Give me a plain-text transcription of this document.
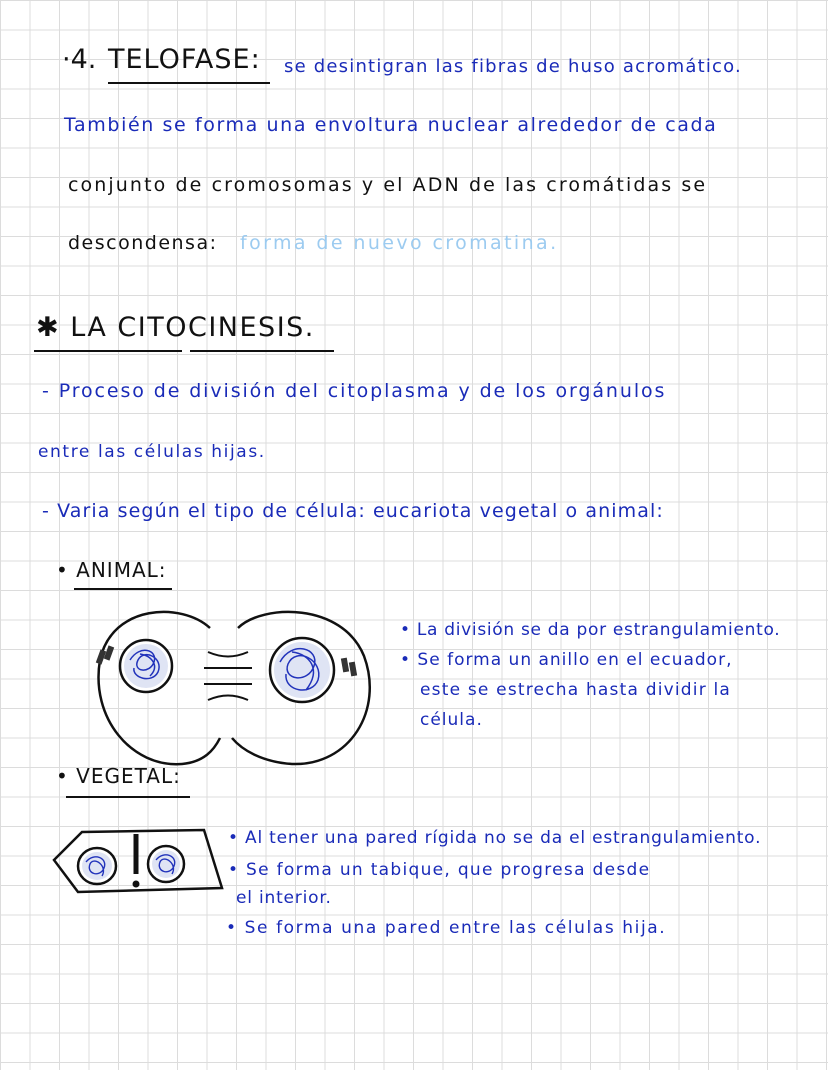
·4. TELOFASE: se desintigran las fibras de huso acromático.
También se forma una envoltura nuclear alrededor de cada
conjunto de cromosomas y el ADN de las cromátidas se
descondensa: forma de nuevo cromatina.
✱ LA CITOCINESIS.
- Proceso de división del citoplasma y de los orgánulos
entre las células hijas.
- Varia según el tipo de célula: eucariota vegetal o animal:
• ANIMAL:
• La división se da por estrangulamiento.
• Se forma un anillo en el ecuador,
este se estrecha hasta dividir la
célula.
• VEGETAL:
• Al tener una pared rígida no se da el estrangulamiento.
• Se forma un tabique, que progresa desde
el interior.
• Se forma una pared entre las células hija.
